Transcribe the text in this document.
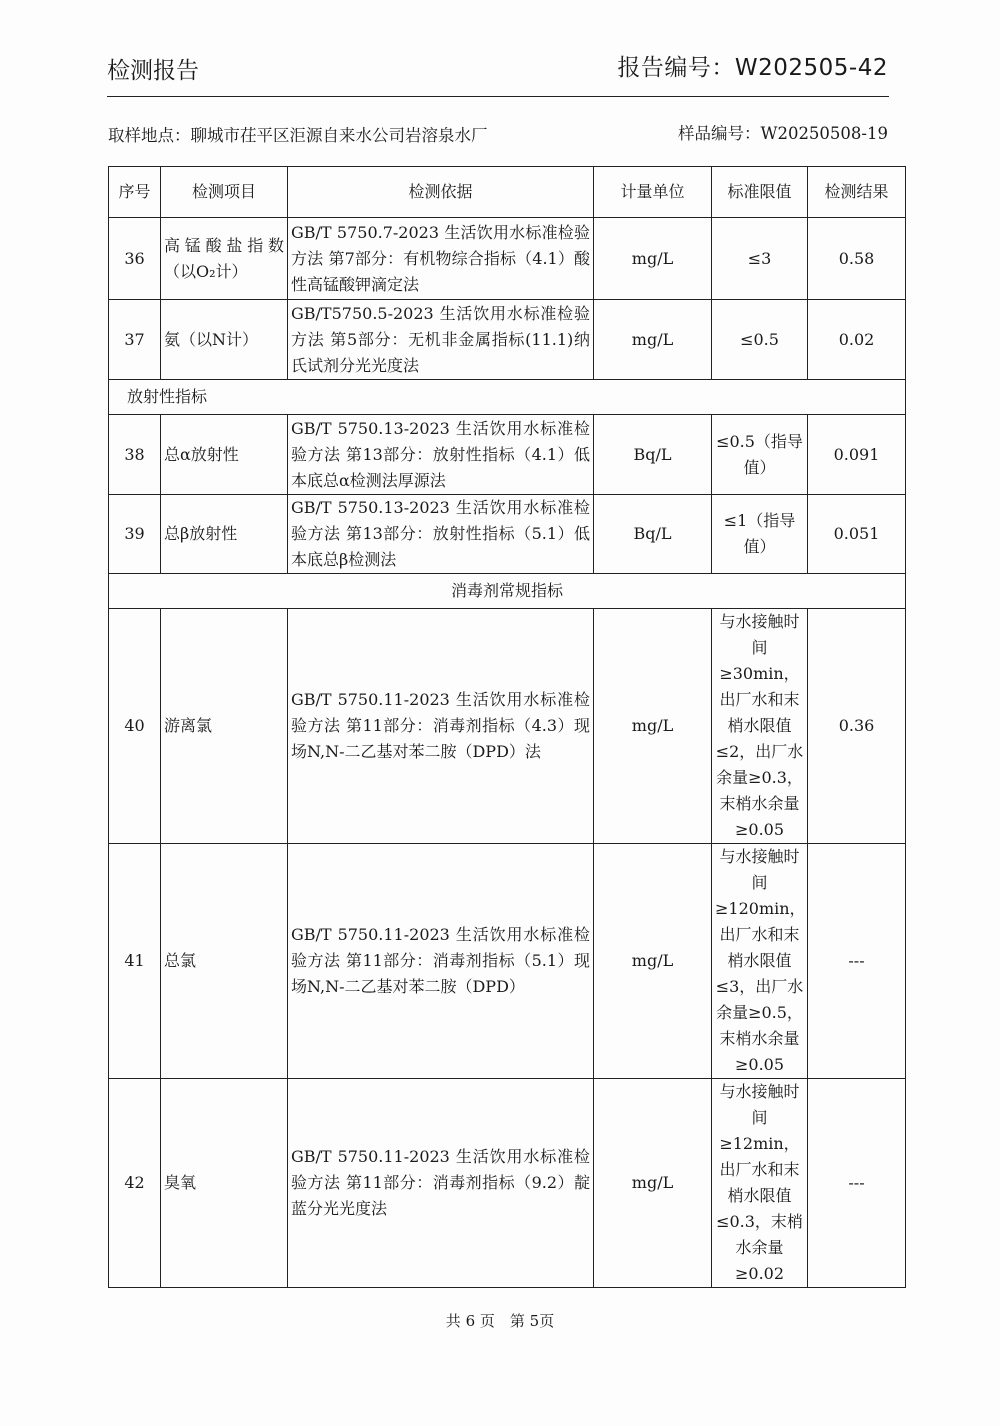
检测报告	报告编号：W202505-42
取样地点：聊城市茌平区洰源自来水公司岩溶泉水厂	样品编号：W20250508-19
序号	检测项目	检测依据	计量单位	标准限值	检测结果
36	高锰酸盐指数（以O₂计）	GB/T 5750.7-2023 生活饮用水标准检验方法 第7部分：有机物综合指标（4.1）酸性高锰酸钾滴定法	mg/L	≤3	0.58
37	氨（以N计）	GB/T5750.5-2023 生活饮用水标准检验方法 第5部分：无机非金属指标(11.1)纳氏试剂分光光度法	mg/L	≤0.5	0.02
放射性指标					
38	总α放射性	GB/T 5750.13-2023 生活饮用水标准检验方法 第13部分：放射性指标（4.1）低本底总α检测法厚源法	Bq/L	≤0.5（指导值）	0.091
39	总β放射性	GB/T 5750.13-2023 生活饮用水标准检验方法 第13部分：放射性指标（5.1）低本底总β检测法	Bq/L	≤1（指导值）	0.051
消毒剂常规指标					
40	游离氯	GB/T 5750.11-2023 生活饮用水标准检验方法 第11部分：消毒剂指标（4.3）现场N,N-二乙基对苯二胺（DPD）法	mg/L	与水接触时间≥30min，出厂水和末梢水限值≤2，出厂水余量≥0.3，末梢水余量≥0.05	0.36
41	总氯	GB/T 5750.11-2023 生活饮用水标准检验方法 第11部分：消毒剂指标（5.1）现场N,N-二乙基对苯二胺（DPD）	mg/L	与水接触时间≥120min，出厂水和末梢水限值≤3，出厂水余量≥0.5，末梢水余量≥0.05	---
42	臭氧	GB/T 5750.11-2023 生活饮用水标准检验方法 第11部分：消毒剂指标（9.2）靛蓝分光光度法	mg/L	与水接触时间≥12min，出厂水和末梢水限值≤0.3，末梢水余量≥0.02	---
共 6 页　第 5页
